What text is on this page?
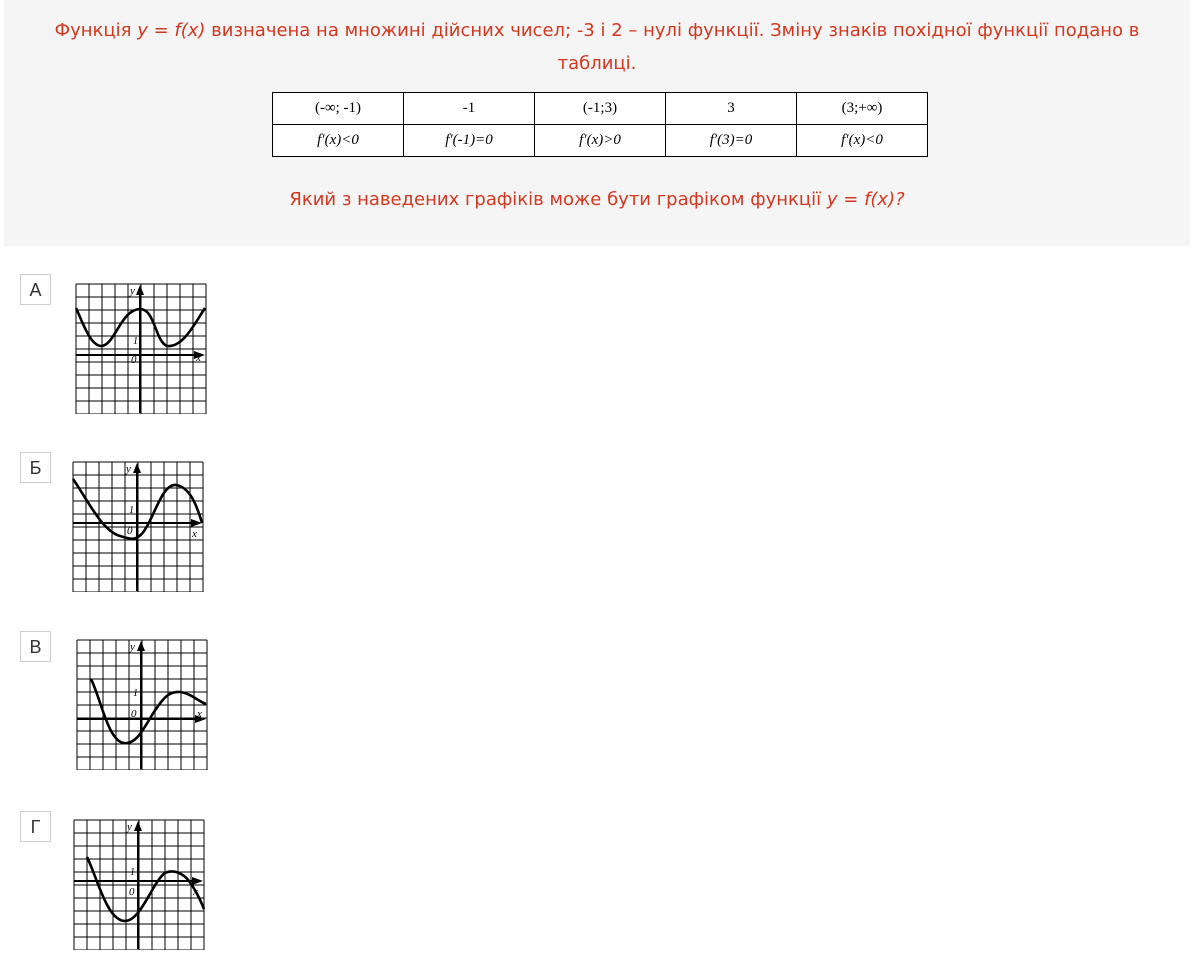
Функція y = f(x) визначена на множині дійсних чисел; -3 і 2 – нулі функції. Зміну знаків похідної функції подано в таблиці.
(-∞; -1)	-1	(-1;3)	3	(3;+∞)
f′(x)<0	f′(-1)=0	f′(x)>0	f′(3)=0	f′(x)<0
Який з наведених графіків може бути графіком функції y = f(x)?
А	y
x
0
1
Б	y
x
0
1
В	y
x
0
1
Г	y
x
0
1
